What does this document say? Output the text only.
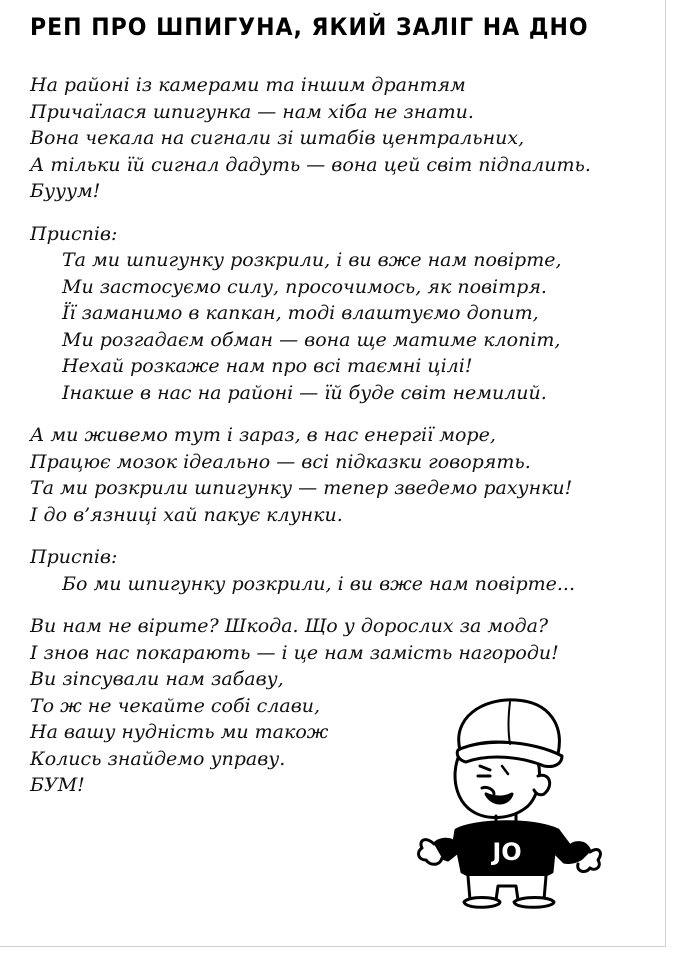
РЕП ПРО ШПИГУНА, ЯКИЙ ЗАЛІГ НА ДНО
На районі із камерами та іншим дрантям
Причаїлася шпигунка — нам хіба не знати.
Вона чекала на сигнали зі штабів центральних,
А тільки їй сигнал дадуть — вона цей світ підпалить.
Бууум!
Приспів:
Та ми шпигунку розкрили, і ви вже нам повірте,
Ми застосуємо силу, просочимось, як повітря.
Її заманимо в капкан, тоді влаштуємо допит,
Ми розгадаєм обман — вона ще матиме клопіт,
Нехай розкаже нам про всі таємні цілі!
Інакше в нас на районі — їй буде світ немилий.
А ми живемо тут і зараз, в нас енергії море,
Працює мозок ідеально — всі підказки говорять.
Та ми розкрили шпигунку — тепер зведемо рахунки!
І до в’язниці хай пакує клунки.
Приспів:
Бо ми шпигунку розкрили, і ви вже нам повірте...
Ви нам не вірите? Шкода. Що у дорослих за мода?
І знов нас покарають — і це нам замість нагороди!
Ви зіпсували нам забаву,
То ж не чекайте собі слави,
На вашу нудність ми також
Колись знайдемо управу.
БУМ!
JO
